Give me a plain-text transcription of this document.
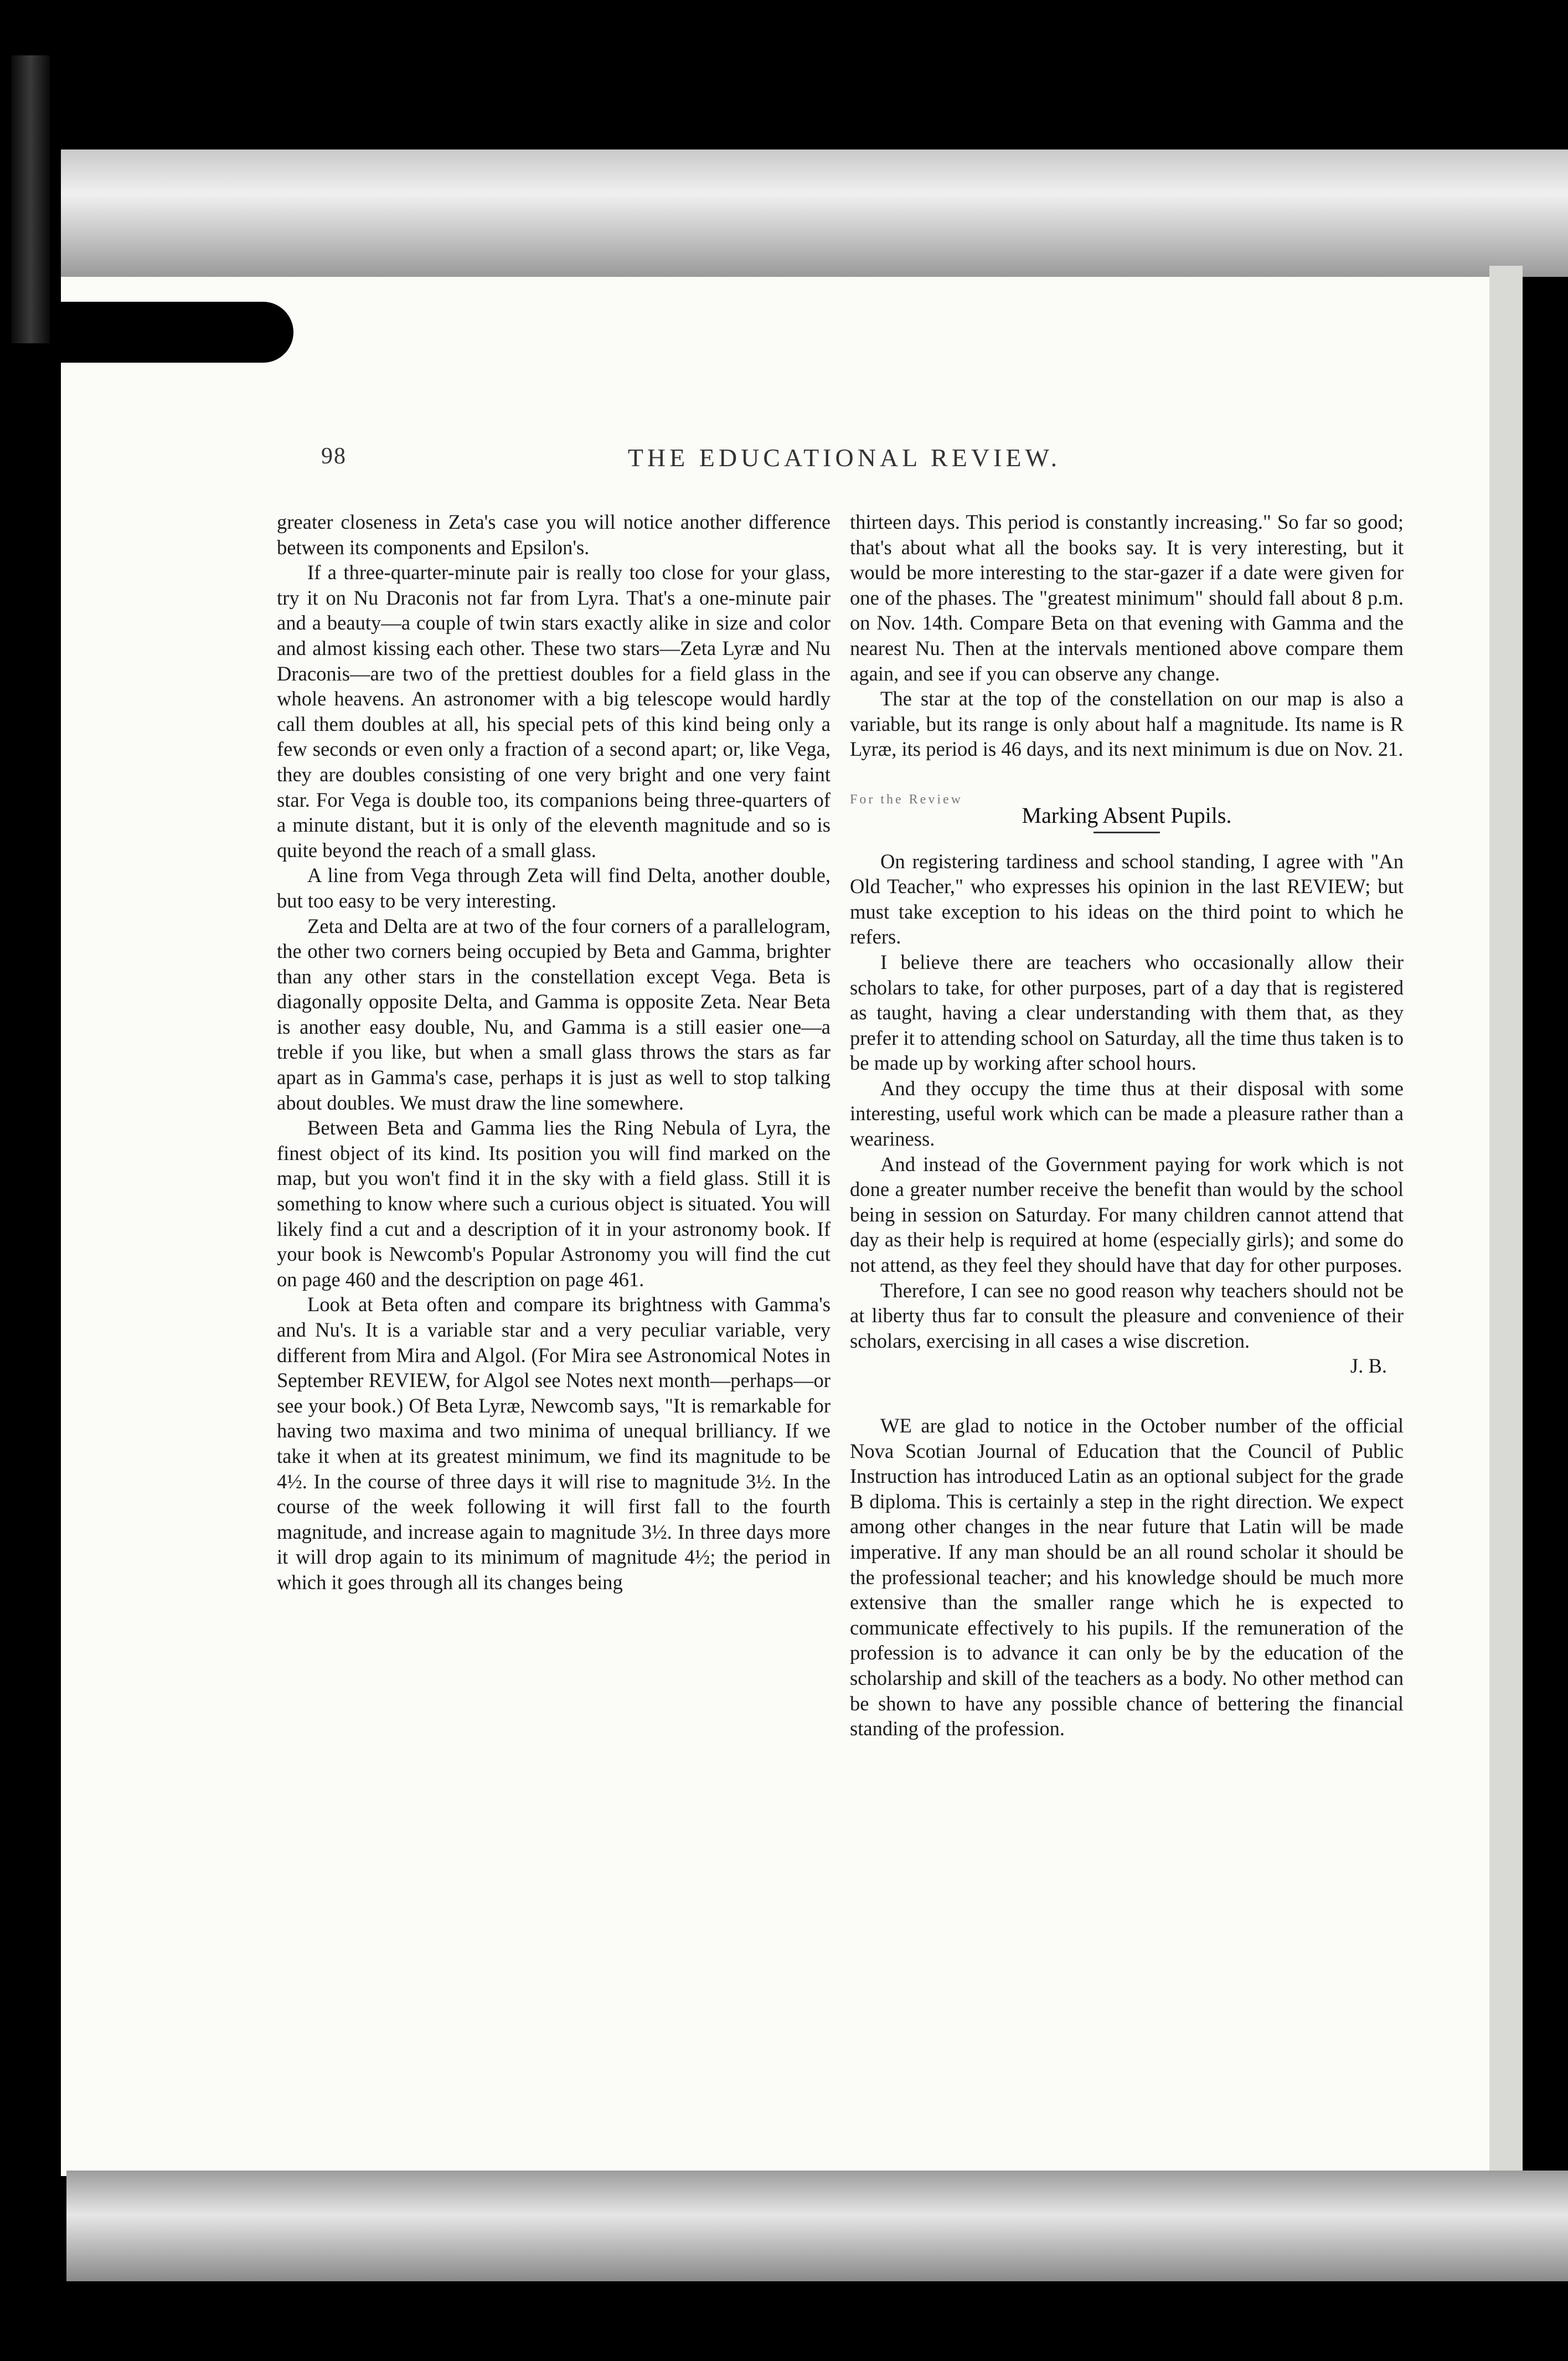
98	THE EDUCATIONAL REVIEW.

greater closeness in Zeta's case you will notice another difference between its components and Epsilon's.

If a three-quarter-minute pair is really too close for your glass, try it on Nu Draconis not far from Lyra. That's a one-minute pair and a beauty—a couple of twin stars exactly alike in size and color and almost kissing each other. These two stars—Zeta Lyræ and Nu Draconis—are two of the prettiest doubles for a field glass in the whole heavens. An astronomer with a big telescope would hardly call them doubles at all, his special pets of this kind being only a few seconds or even only a fraction of a second apart; or, like Vega, they are doubles consisting of one very bright and one very faint star. For Vega is double too, its companions being three-quarters of a minute distant, but it is only of the eleventh magnitude and so is quite beyond the reach of a small glass.

A line from Vega through Zeta will find Delta, another double, but too easy to be very interesting.

Zeta and Delta are at two of the four corners of a parallelogram, the other two corners being occupied by Beta and Gamma, brighter than any other stars in the constellation except Vega. Beta is diagonally opposite Delta, and Gamma is opposite Zeta. Near Beta is another easy double, Nu, and Gamma is a still easier one—a treble if you like, but when a small glass throws the stars as far apart as in Gamma's case, perhaps it is just as well to stop talking about doubles. We must draw the line somewhere.

Between Beta and Gamma lies the Ring Nebula of Lyra, the finest object of its kind. Its position you will find marked on the map, but you won't find it in the sky with a field glass. Still it is something to know where such a curious object is situated. You will likely find a cut and a description of it in your astronomy book. If your book is Newcomb's Popular Astronomy you will find the cut on page 460 and the description on page 461.

Look at Beta often and compare its brightness with Gamma's and Nu's. It is a variable star and a very peculiar variable, very different from Mira and Algol. (For Mira see Astronomical Notes in September REVIEW, for Algol see Notes next month—perhaps—or see your book.) Of Beta Lyræ, Newcomb says, "It is remarkable for having two maxima and two minima of unequal brilliancy. If we take it when at its greatest minimum, we find its magnitude to be 4½. In the course of three days it will rise to magnitude 3½. In the course of the week following it will first fall to the fourth magnitude, and increase again to magnitude 3½. In three days more it will drop again to its minimum of magnitude 4½; the period in which it goes through all its changes being

thirteen days. This period is constantly increasing." So far so good; that's about what all the books say. It is very interesting, but it would be more interesting to the star-gazer if a date were given for one of the phases. The "greatest minimum" should fall about 8 p.m. on Nov. 14th. Compare Beta on that evening with Gamma and the nearest Nu. Then at the intervals mentioned above compare them again, and see if you can observe any change.

The star at the top of the constellation on our map is also a variable, but its range is only about half a magnitude. Its name is R Lyræ, its period is 46 days, and its next minimum is due on Nov. 21.

For the Review
Marking Absent Pupils.

On registering tardiness and school standing, I agree with "An Old Teacher," who expresses his opinion in the last REVIEW; but must take exception to his ideas on the third point to which he refers.

I believe there are teachers who occasionally allow their scholars to take, for other purposes, part of a day that is registered as taught, having a clear understanding with them that, as they prefer it to attending school on Saturday, all the time thus taken is to be made up by working after school hours.

And they occupy the time thus at their disposal with some interesting, useful work which can be made a pleasure rather than a weariness.

And instead of the Government paying for work which is not done a greater number receive the benefit than would by the school being in session on Saturday. For many children cannot attend that day as their help is required at home (especially girls); and some do not attend, as they feel they should have that day for other purposes.

Therefore, I can see no good reason why teachers should not be at liberty thus far to consult the pleasure and convenience of their scholars, exercising in all cases a wise discretion.

J. B.

WE are glad to notice in the October number of the official Nova Scotian Journal of Education that the Council of Public Instruction has introduced Latin as an optional subject for the grade B diploma. This is certainly a step in the right direction. We expect among other changes in the near future that Latin will be made imperative. If any man should be an all round scholar it should be the professional teacher; and his knowledge should be much more extensive than the smaller range which he is expected to communicate effectively to his pupils. If the remuneration of the profession is to advance it can only be by the education of the scholarship and skill of the teachers as a body. No other method can be shown to have any possible chance of bettering the financial standing of the profession.
